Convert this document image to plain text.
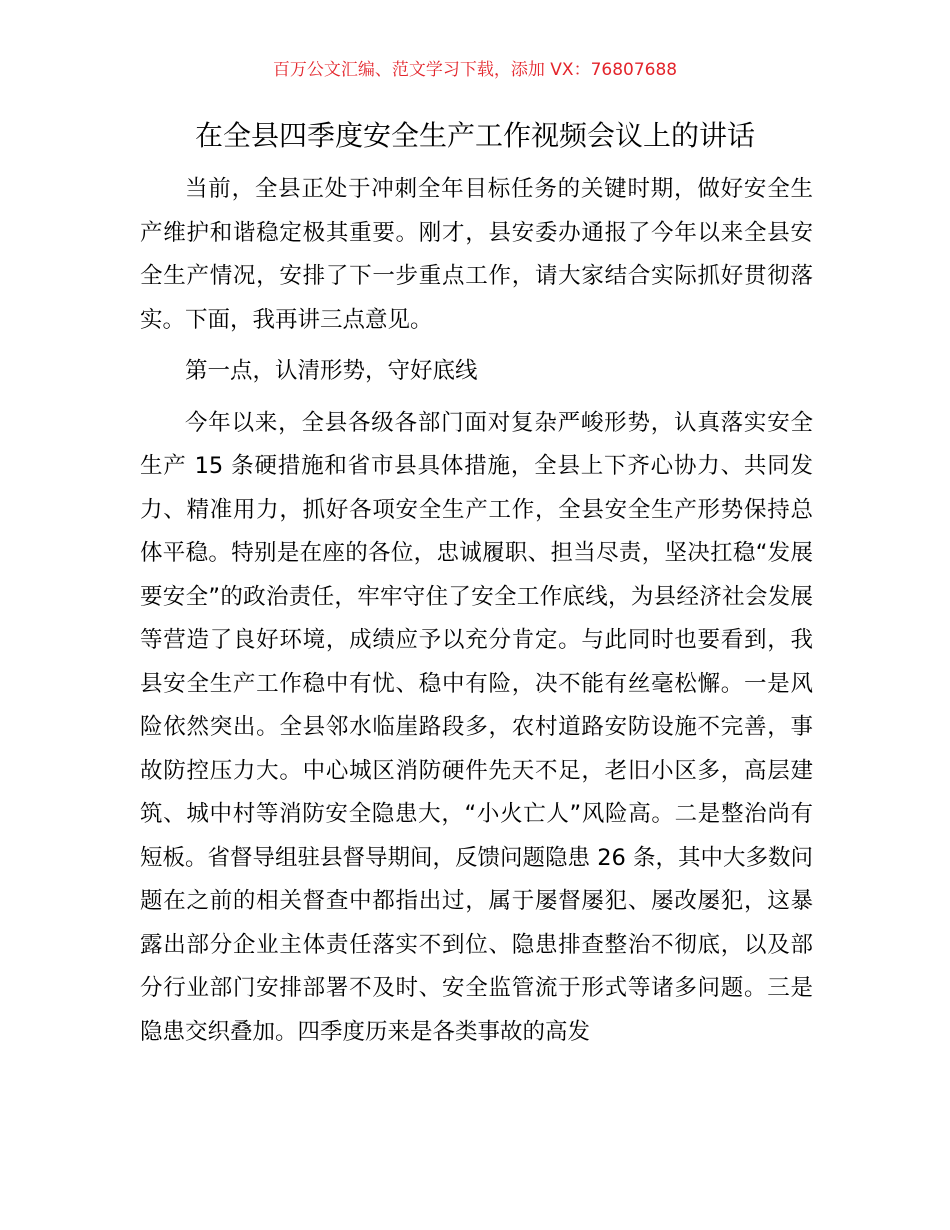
百万公文汇编、范文学习下载，添加 VX：76807688
在全县四季度安全生产工作视频会议上的讲话

当前，全县正处于冲刺全年目标任务的关键时期，做好安全生产维护和谐稳定极其重要。刚才，县安委办通报了今年以来全县安全生产情况，安排了下一步重点工作，请大家结合实际抓好贯彻落实。下面，我再讲三点意见。

第一点，认清形势，守好底线

今年以来，全县各级各部门面对复杂严峻形势，认真落实安全生产 15 条硬措施和省市县具体措施，全县上下齐心协力、共同发力、精准用力，抓好各项安全生产工作，全县安全生产形势保持总体平稳。特别是在座的各位，忠诚履职、担当尽责，坚决扛稳“发展要安全”的政治责任，牢牢守住了安全工作底线，为县经济社会发展等营造了良好环境，成绩应予以充分肯定。与此同时也要看到，我县安全生产工作稳中有忧、稳中有险，决不能有丝毫松懈。一是风险依然突出。全县邻水临崖路段多，农村道路安防设施不完善，事故防控压力大。中心城区消防硬件先天不足，老旧小区多，高层建筑、城中村等消防安全隐患大，“小火亡人”风险高。二是整治尚有短板。省督导组驻县督导期间，反馈问题隐患 26 条，其中大多数问题在之前的相关督查中都指出过，属于屡督屡犯、屡改屡犯，这暴露出部分企业主体责任落实不到位、隐患排查整治不彻底，以及部分行业部门安排部署不及时、安全监管流于形式等诸多问题。三是隐患交织叠加。四季度历来是各类事故的高发
